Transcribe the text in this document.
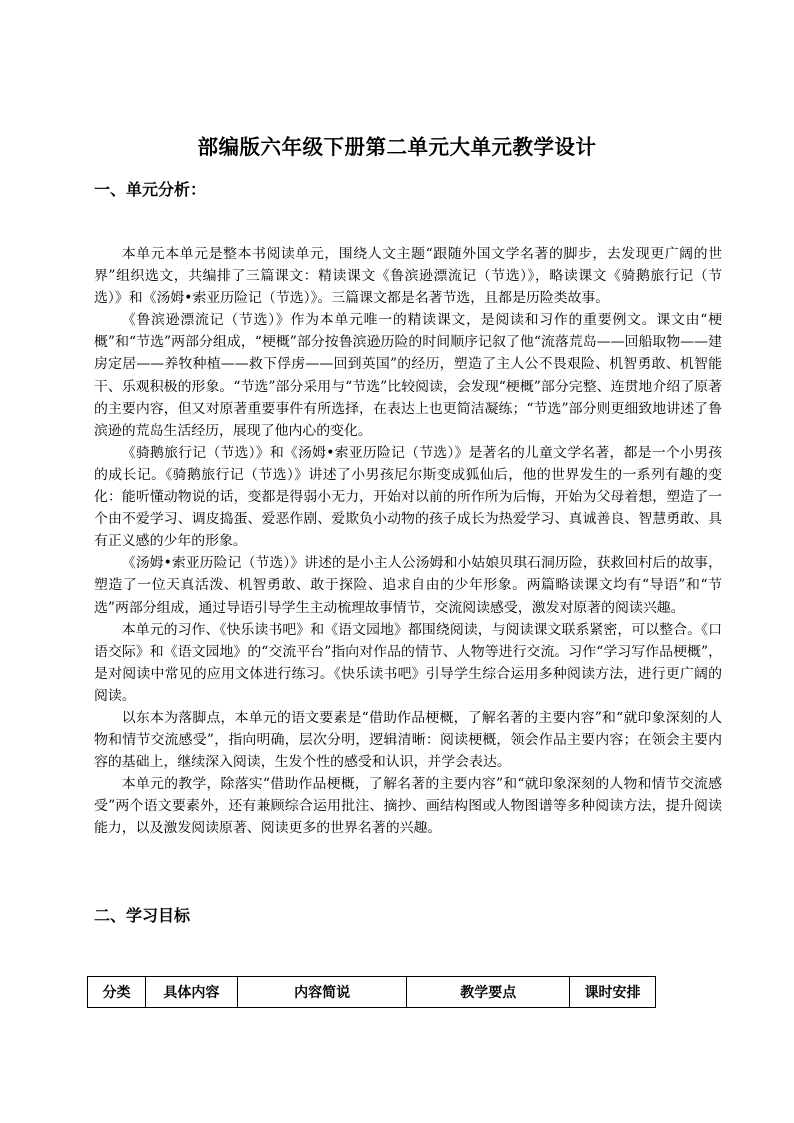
部编版六年级下册第二单元大单元教学设计
一、单元分析：

本单元本单元是整本书阅读单元，围绕人文主题“跟随外国文学名著的脚步，去发现更广阔的世界”组织选文，共编排了三篇课文：精读课文《鲁滨逊漂流记（节选）》，略读课文《骑鹅旅行记（节选）》和《汤姆•索亚历险记（节选）》。三篇课文都是名著节选，且都是历险类故事。

《鲁滨逊漂流记（节选）》作为本单元唯一的精读课文，是阅读和习作的重要例文。课文由“梗概”和“节选”两部分组成，“梗概”部分按鲁滨逊历险的时间顺序记叙了他“流落荒岛——回船取物——建房定居——养牧种植——救下俘虏——回到英国”的经历，塑造了主人公不畏艰险、机智勇敢、机智能干、乐观积极的形象。“节选”部分采用与“节选”比较阅读，会发现“梗概”部分完整、连贯地介绍了原著的主要内容，但又对原著重要事件有所选择，在表达上也更简洁凝练；“节选”部分则更细致地讲述了鲁滨逊的荒岛生活经历，展现了他内心的变化。

《骑鹅旅行记（节选）》和《汤姆•索亚历险记（节选）》是著名的儿童文学名著，都是一个小男孩的成长记。《骑鹅旅行记（节选）》讲述了小男孩尼尔斯变成狐仙后，他的世界发生的一系列有趣的变化：能听懂动物说的话，变都是得弱小无力，开始对以前的所作所为后悔，开始为父母着想，塑造了一个由不爱学习、调皮捣蛋、爱恶作剧、爱欺负小动物的孩子成长为热爱学习、真诚善良、智慧勇敢、具有正义感的少年的形象。

《汤姆•索亚历险记（节选）》讲述的是小主人公汤姆和小姑娘贝琪石洞历险，获救回村后的故事，塑造了一位天真活泼、机智勇敢、敢于探险、追求自由的少年形象。两篇略读课文均有“导语”和“节选”两部分组成，通过导语引导学生主动梳理故事情节，交流阅读感受，激发对原著的阅读兴趣。

本单元的习作、《快乐读书吧》和《语文园地》都围绕阅读，与阅读课文联系紧密，可以整合。《口语交际》和《语文园地》的“交流平台”指向对作品的情节、人物等进行交流。习作“学习写作品梗概”，是对阅读中常见的应用文体进行练习。《快乐读书吧》引导学生综合运用多种阅读方法，进行更广阔的阅读。

以东本为落脚点，本单元的语文要素是“借助作品梗概，了解名著的主要内容”和“就印象深刻的人物和情节交流感受”，指向明确，层次分明，逻辑清晰：阅读梗概，领会作品主要内容；在领会主要内容的基础上，继续深入阅读，生发个性的感受和认识，并学会表达。

本单元的教学，除落实“借助作品梗概，了解名著的主要内容”和“就印象深刻的人物和情节交流感受”两个语文要素外，还有兼顾综合运用批注、摘抄、画结构图或人物图谱等多种阅读方法，提升阅读能力，以及激发阅读原著、阅读更多的世界名著的兴趣。

二、学习目标
分类	具体内容	内容简说	教学要点	课时安排
